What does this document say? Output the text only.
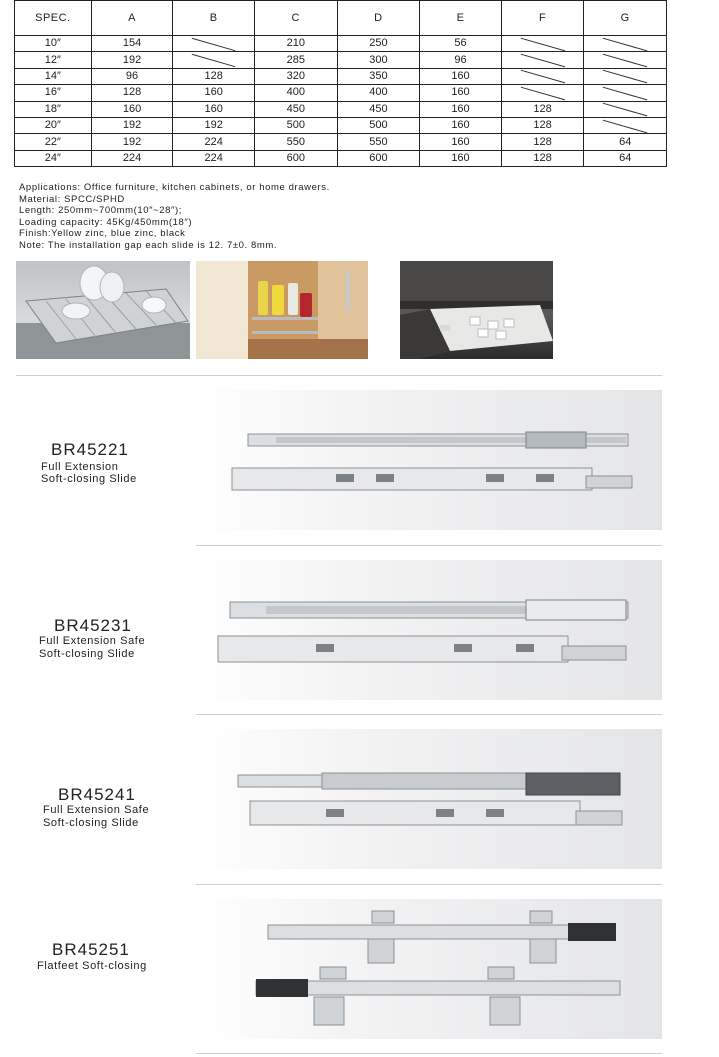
SPEC.	A	B	C	D	E	F	G
10″	154		210	250	56		
12″	192		285	300	96		
14″	96	128	320	350	160		
16″	128	160	400	400	160		
18″	160	160	450	450	160	128	
20″	192	192	500	500	160	128	
22″	192	224	550	550	160	128	64
24″	224	224	600	600	160	128	64
Applications: Office furniture, kitchen cabinets, or home drawers.
Material: SPCC/SPHD
Length: 250mm~700mm(10″~28″);
Loading capacity: 45Kg/450mm(18″)
Finish:Yellow zinc, blue zinc, black
Note: The installation gap each slide is 12. 7±0. 8mm.
BR45221
Full Extension
Soft-closing Slide
BR45231
Full Extension Safe
Soft-closing Slide
BR45241
Full Extension Safe
Soft-closing Slide
BR45251
Flatfeet Soft-closing
